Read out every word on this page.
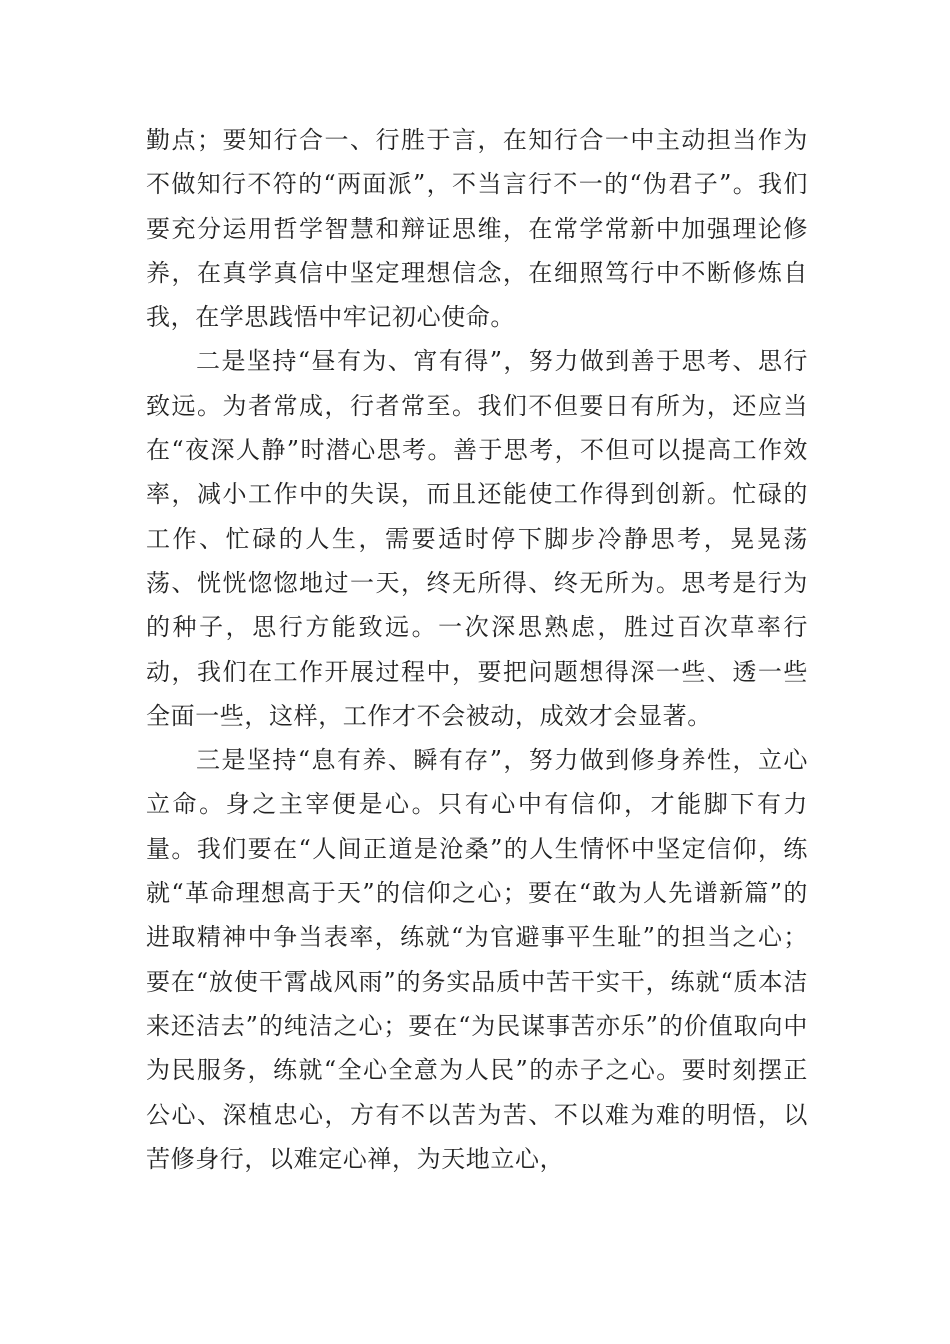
勤点；要知行合一、行胜于言，在知行合一中主动担当作为不做知行不符的“两面派”，不当言行不一的“伪君子”。我们要充分运用哲学智慧和辩证思维，在常学常新中加强理论修养，在真学真信中坚定理想信念，在细照笃行中不断修炼自我，在学思践悟中牢记初心使命。

二是坚持“昼有为、宵有得”，努力做到善于思考、思行致远。为者常成，行者常至。我们不但要日有所为，还应当在“夜深人静”时潜心思考。善于思考，不但可以提高工作效率，减小工作中的失误，而且还能使工作得到创新。忙碌的工作、忙碌的人生，需要适时停下脚步冷静思考，晃晃荡荡、恍恍惚惚地过一天，终无所得、终无所为。思考是行为的种子，思行方能致远。一次深思熟虑，胜过百次草率行动，我们在工作开展过程中，要把问题想得深一些、透一些全面一些，这样，工作才不会被动，成效才会显著。

三是坚持“息有养、瞬有存”，努力做到修身养性，立心立命。身之主宰便是心。只有心中有信仰，才能脚下有力量。我们要在“人间正道是沧桑”的人生情怀中坚定信仰，练就“革命理想高于天”的信仰之心；要在“敢为人先谱新篇”的进取精神中争当表率，练就“为官避事平生耻”的担当之心；要在“放使干霄战风雨”的务实品质中苦干实干，练就“质本洁来还洁去”的纯洁之心；要在“为民谋事苦亦乐”的价值取向中为民服务，练就“全心全意为人民”的赤子之心。要时刻摆正公心、深植忠心，方有不以苦为苦、不以难为难的明悟，以苦修身行，以难定心禅，为天地立心，
